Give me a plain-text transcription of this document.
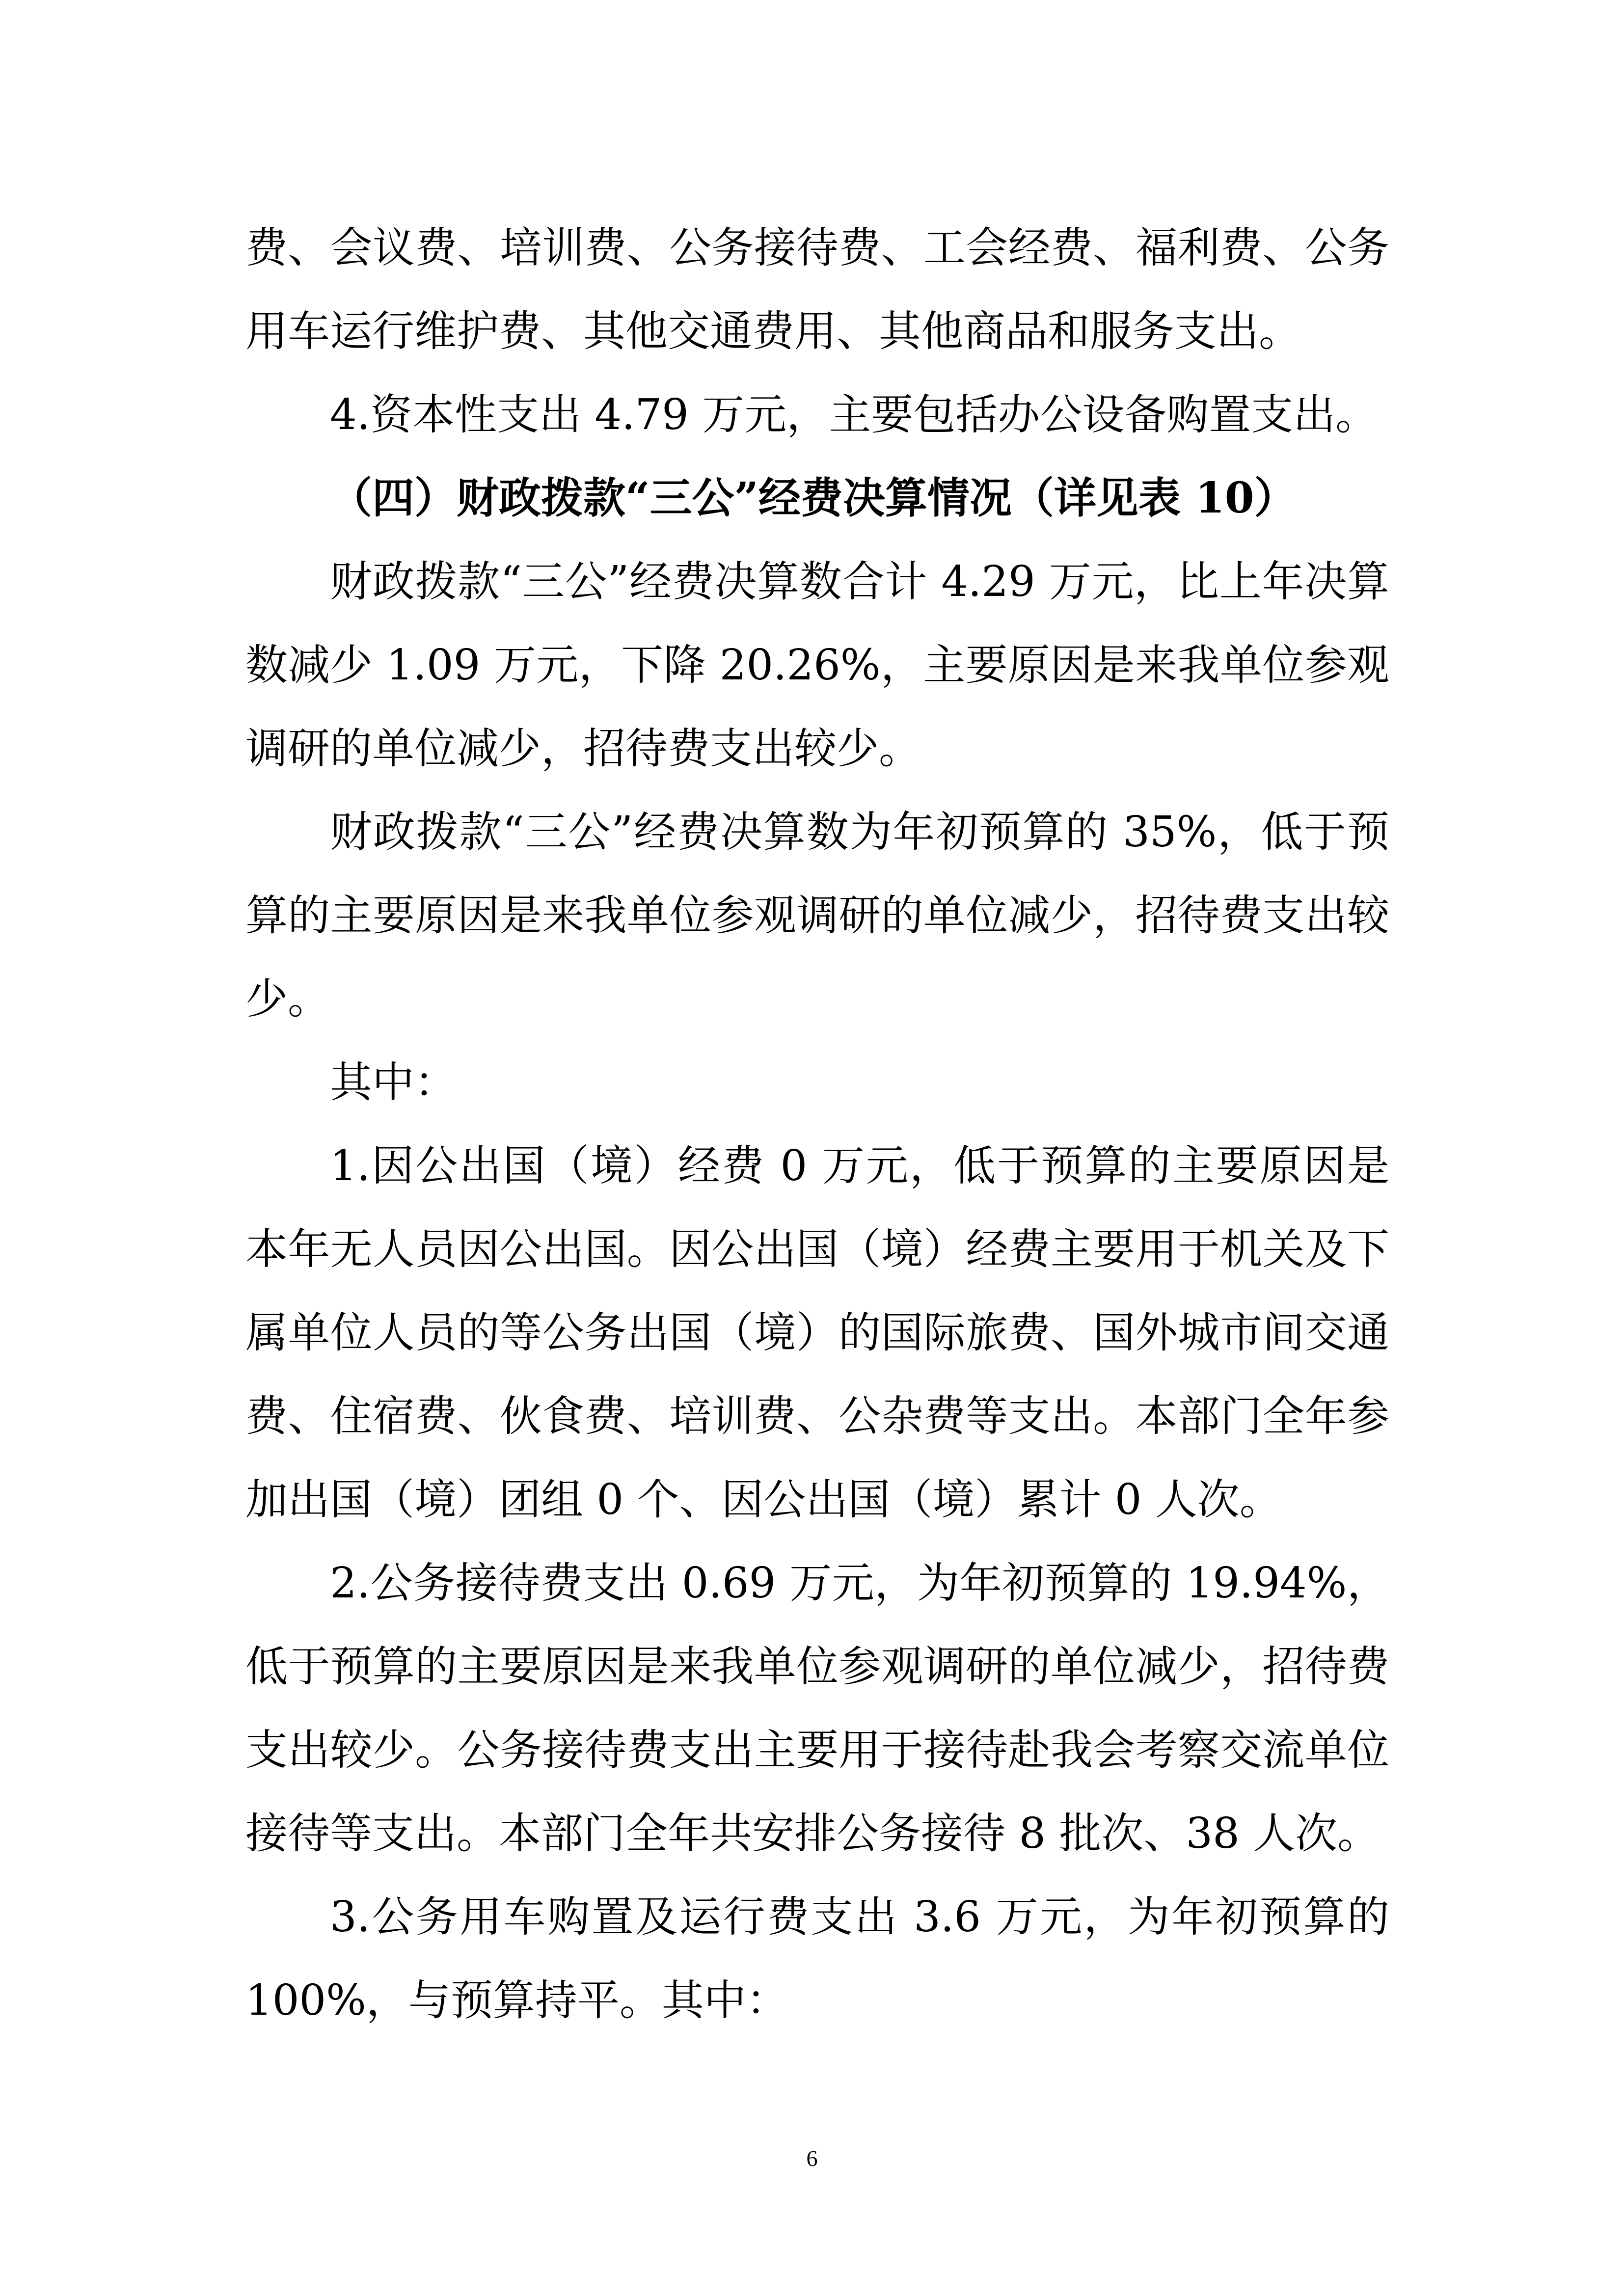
费、会议费、培训费、公务接待费、工会经费、福利费、公务用车运行维护费、其他交通费用、其他商品和服务支出。

4.资本性支出 4.79 万元，主要包括办公设备购置支出。

（四）财政拨款“三公”经费决算情况（详见表 10）

财政拨款“三公”经费决算数合计 4.29 万元，比上年决算数减少 1.09 万元，下降 20.26%，主要原因是来我单位参观调研的单位减少，招待费支出较少。

财政拨款“三公”经费决算数为年初预算的 35%，低于预算的主要原因是来我单位参观调研的单位减少，招待费支出较少。

其中：

1.因公出国（境）经费 0 万元，低于预算的主要原因是本年无人员因公出国。因公出国（境）经费主要用于机关及下属单位人员的等公务出国（境）的国际旅费、国外城市间交通费、住宿费、伙食费、培训费、公杂费等支出。本部门全年参加出国（境）团组 0 个、因公出国（境）累计 0 人次。

2.公务接待费支出 0.69 万元，为年初预算的 19.94%，低于预算的主要原因是来我单位参观调研的单位减少，招待费支出较少。公务接待费支出主要用于接待赴我会考察交流单位接待等支出。本部门全年共安排公务接待 8 批次、38 人次。

3.公务用车购置及运行费支出 3.6 万元，为年初预算的100%，与预算持平。其中：

6
